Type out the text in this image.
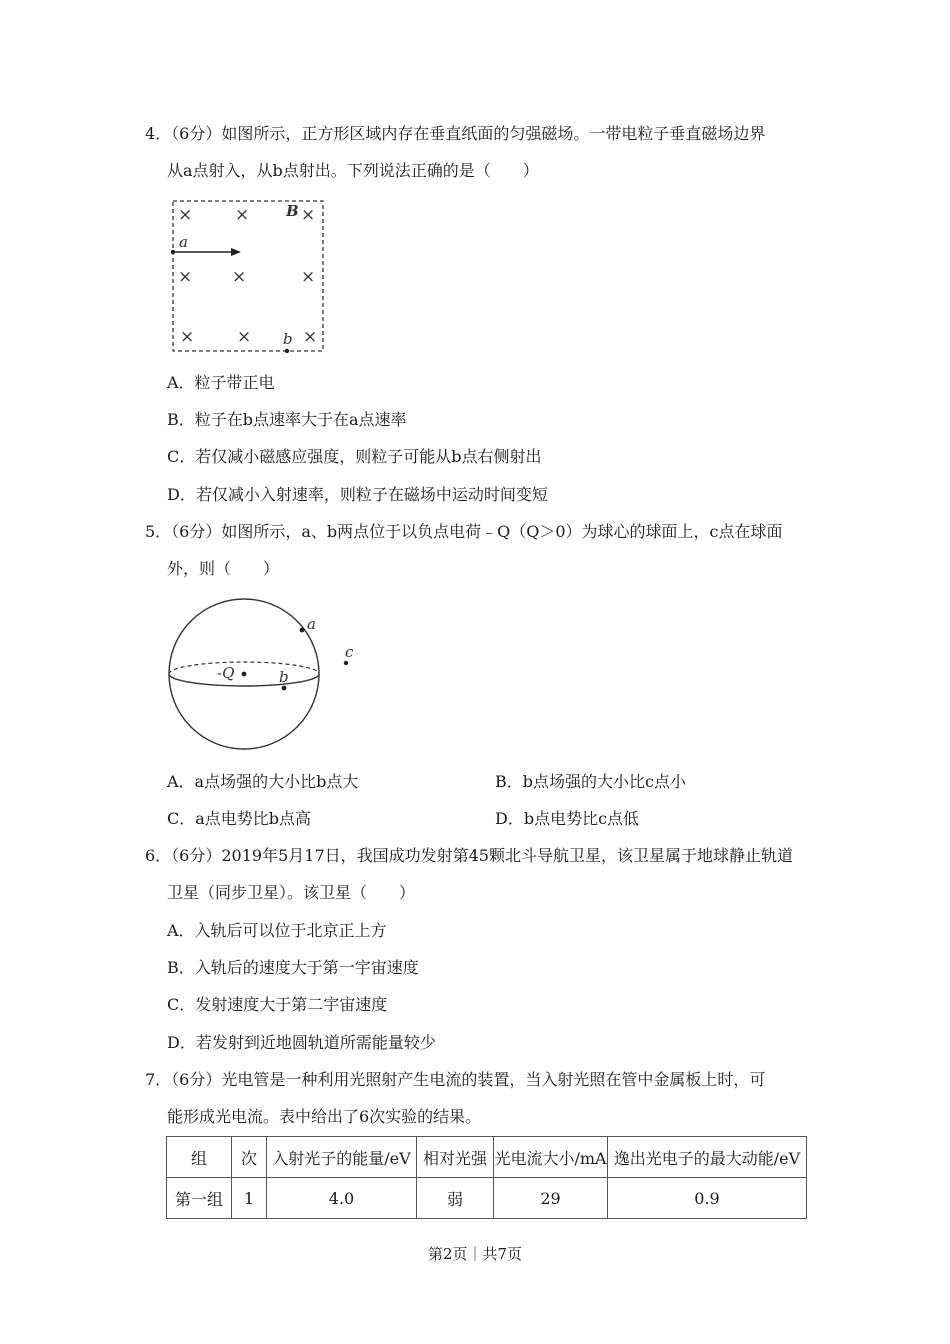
4．（6分）如图所示，正方形区域内存在垂直纸面的匀强磁场。一带电粒子垂直磁场边界
从a点射入，从b点射出。下列说法正确的是（　　）
×	×	×
× ×	×
×	×	×
B
a
b
A．粒子带正电
B．粒子在b点速率大于在a点速率
C．若仅减小磁感应强度，则粒子可能从b点右侧射出
D．若仅减小入射速率，则粒子在磁场中运动时间变短
5．（6分）如图所示，a、b两点位于以负点电荷﹣Q（Q＞0）为球心的球面上，c点在球面
外，则（　　）
-Q
a
b
c
A．a点场强的大小比b点大	B．b点场强的大小比c点小
C．a点电势比b点高	D．b点电势比c点低
6．（6分）2019年5月17日，我国成功发射第45颗北斗导航卫星，该卫星属于地球静止轨道
卫星（同步卫星）。该卫星（　　）
A．入轨后可以位于北京正上方
B．入轨后的速度大于第一宇宙速度
C．发射速度大于第二宇宙速度
D．若发射到近地圆轨道所需能量较少
7．（6分）光电管是一种利用光照射产生电流的装置，当入射光照在管中金属板上时，可
能形成光电流。表中给出了6次实验的结果。
组	次	入射光子的能量/eV	相对光强	光电流大小/mA	逸出光电子的最大动能/eV
第一组	1	4.0	弱	29	0.9
第2页｜共7页
